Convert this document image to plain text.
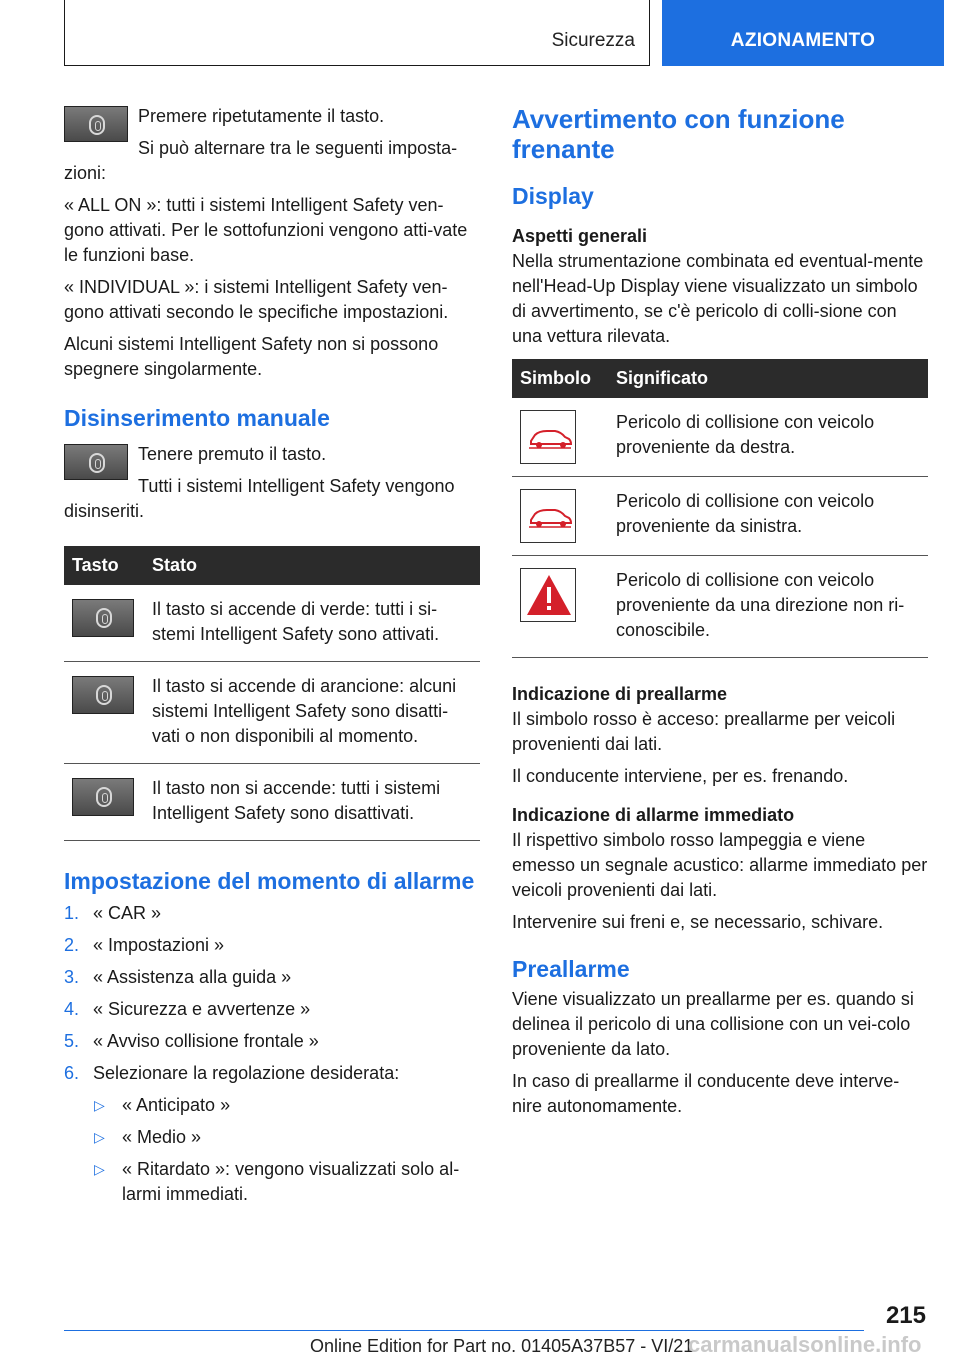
Sicurezza	AZIONAMENTO

Premere ripetutamente il tasto.

Si può alternare tra le seguenti imposta-zioni:

« ALL ON »: tutti i sistemi Intelligent Safety ven-gono attivati. Per le sottofunzioni vengono atti-vate le funzioni base.

« INDIVIDUAL »: i sistemi Intelligent Safety ven-gono attivati secondo le specifiche impostazioni.

Alcuni sistemi Intelligent Safety non si possono spegnere singolarmente.

Disinserimento manuale

Tenere premuto il tasto.

Tutti i sistemi Intelligent Safety vengono disinseriti.

Tasto	Stato

	Il tasto si accende di verde: tutti i si-stemi Intelligent Safety sono attivati.

	Il tasto si accende di arancione: alcuni sistemi Intelligent Safety sono disatti-vati o non disponibili al momento.

	Il tasto non si accende: tutti i sistemi Intelligent Safety sono disattivati.
Impostazione del momento di allarme
1. « CAR »
2. « Impostazioni »
3. « Assistenza alla guida »
4. « Sicurezza e avvertenze »
5. « Avviso collisione frontale »
6. Selezionare la regolazione desiderata:
▷ « Anticipato »
▷ « Medio »
▷ « Ritardato »: vengono visualizzati solo al-larmi immediati.
Avvertimento con funzione frenante
Display
Aspetti generali

Nella strumentazione combinata ed eventual-mente nell'Head-Up Display viene visualizzato un simbolo di avvertimento, se c'è pericolo di colli-sione con una vettura rilevata.

Simbolo	Significato

	Pericolo di collisione con veicolo proveniente da destra.

	Pericolo di collisione con veicolo proveniente da sinistra.

	Pericolo di collisione con veicolo proveniente da una direzione non ri-conoscibile.
Indicazione di preallarme

Il simbolo rosso è acceso: preallarme per veicoli provenienti dai lati.

Il conducente interviene, per es. frenando.

Indicazione di allarme immediato

Il rispettivo simbolo rosso lampeggia e viene emesso un segnale acustico: allarme immediato per veicoli provenienti dai lati.

Intervenire sui freni e, se necessario, schivare.

Preallarme

Viene visualizzato un preallarme per es. quando si delinea il pericolo di una collisione con un vei-colo proveniente da lato.

In caso di preallarme il conducente deve interve-nire autonomamente.

215
Online Edition for Part no. 01405A37B57 - VI/21
carmanualsonline.info
